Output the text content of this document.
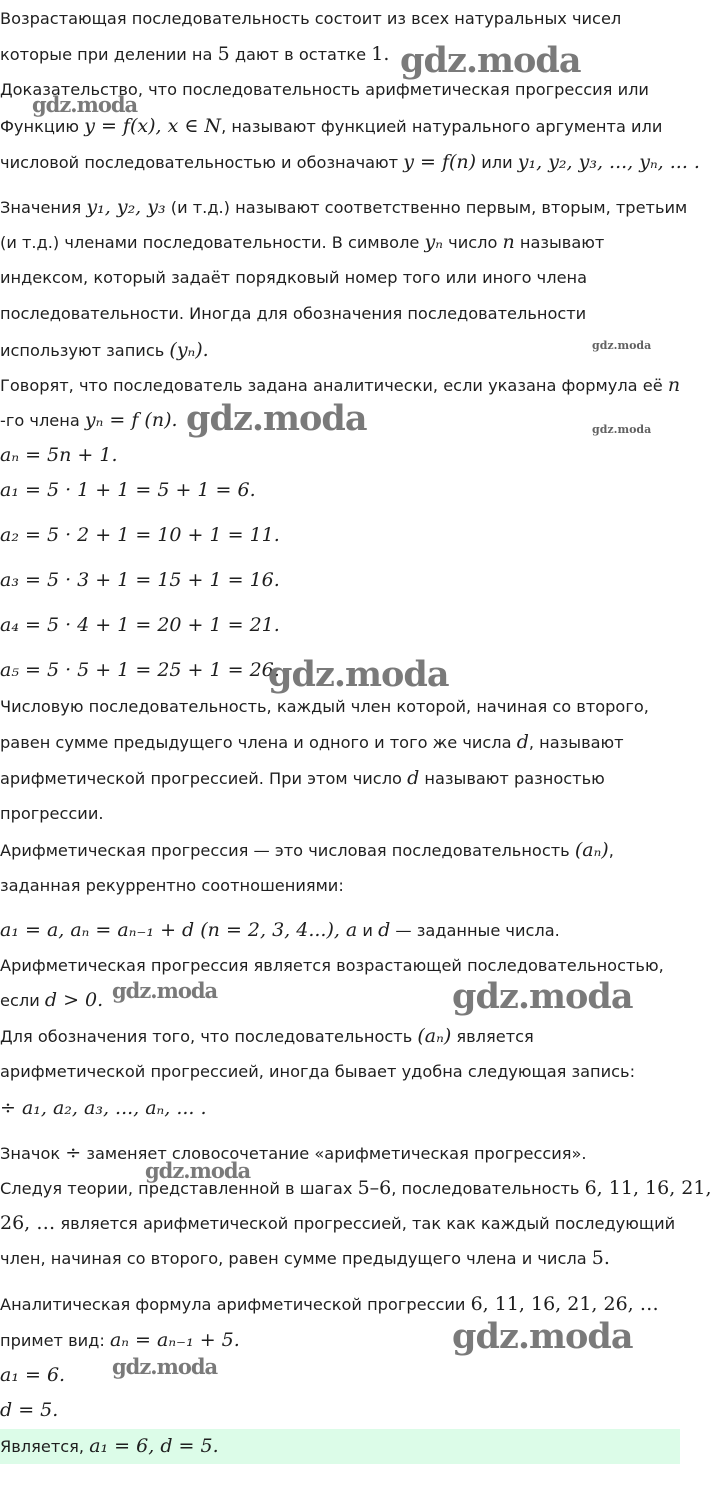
Возрастающая последовательность состоит из всех натуральных чисел

которые при делении на 5 дают в остатке 1.

Доказательство, что последовательность арифметическая прогрессия или

Функцию y = f(x), x ∈ N, называют функцией натурального аргумента или

числовой последовательностью и обозначают y = f(n) или y₁, y₂, y₃, ..., yₙ, ... .

Значения y₁, y₂, y₃ (и т.д.) называют соответственно первым, вторым, третьим

(и т.д.) членами последовательности. В символе yₙ число n называют

индексом, который задаёт порядковый номер того или иного члена

последовательности. Иногда для обозначения последовательности

используют запись (yₙ).

Говорят, что последователь задана аналитически, если указана формула её n

-го члена yₙ = f (n).

aₙ = 5n + 1.

a₁ = 5 · 1 + 1 = 5 + 1 = 6.

a₂ = 5 · 2 + 1 = 10 + 1 = 11.

a₃ = 5 · 3 + 1 = 15 + 1 = 16.

a₄ = 5 · 4 + 1 = 20 + 1 = 21.

a₅ = 5 · 5 + 1 = 25 + 1 = 26.

Числовую последовательность, каждый член которой, начиная со второго,

равен сумме предыдущего члена и одного и того же числа d, называют

арифметической прогрессией. При этом число d называют разностью

прогрессии.

Арифметическая прогрессия — это числовая последовательность (aₙ),

заданная рекуррентно соотношениями:

a₁ = a, aₙ = aₙ₋₁ + d (n = 2, 3, 4...), a и d — заданные числа.

Арифметическая прогрессия является возрастающей последовательностью,

если d > 0.

Для обозначения того, что последовательность (aₙ) является

арифметической прогрессией, иногда бывает удобна следующая запись:

÷ a₁, a₂, a₃, ..., aₙ, ... .

Значок ÷ заменяет словосочетание «арифметическая прогрессия».

Следуя теории, представленной в шагах 5–6, последовательность 6, 11, 16, 21,

26, … является арифметической прогрессией, так как каждый последующий

член, начиная со второго, равен сумме предыдущего члена и числа 5.

Аналитическая формула арифметической прогрессии 6, 11, 16, 21, 26, …

примет вид: aₙ = aₙ₋₁ + 5.

a₁ = 6.

d = 5.

Является, a₁ = 6, d = 5.

gdz.moda
gdz.moda
gdz.moda
gdz.moda	gdz.moda
gdz.moda
gdz.moda	gdz.moda
gdz.moda
gdz.moda
gdz.moda
